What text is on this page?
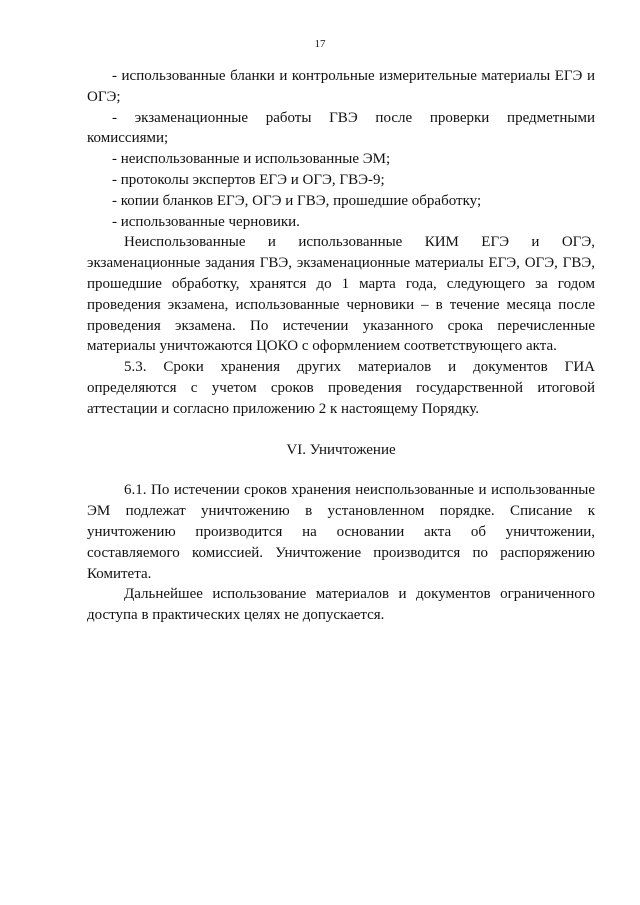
17

- использованные бланки и контрольные измерительные материалы ЕГЭ и ОГЭ;

- экзаменационные работы ГВЭ после проверки предметными комиссиями;

- неиспользованные и использованные ЭМ;

- протоколы экспертов ЕГЭ и ОГЭ, ГВЭ-9;

- копии бланков ЕГЭ, ОГЭ и ГВЭ, прошедшие обработку;

- использованные черновики.

Неиспользованные и использованные КИМ ЕГЭ и ОГЭ, экзаменационные задания ГВЭ, экзаменационные материалы ЕГЭ, ОГЭ, ГВЭ, прошедшие обработку, хранятся до 1 марта года, следующего за годом проведения экзамена, использованные черновики – в течение месяца после проведения экзамена. По истечении указанного срока перечисленные материалы уничтожаются ЦОКО с оформлением соответствующего акта.

5.3. Сроки хранения других материалов и документов ГИА определяются с учетом сроков проведения государственной итоговой аттестации и согласно приложению 2 к настоящему Порядку.

VI. Уничтожение

6.1. По истечении сроков хранения неиспользованные и использованные ЭМ подлежат уничтожению в установленном порядке. Списание к уничтожению производится на основании акта об уничтожении, составляемого комиссией. Уничтожение производится по распоряжению Комитета.

Дальнейшее использование материалов и документов ограниченного доступа в практических целях не допускается.
